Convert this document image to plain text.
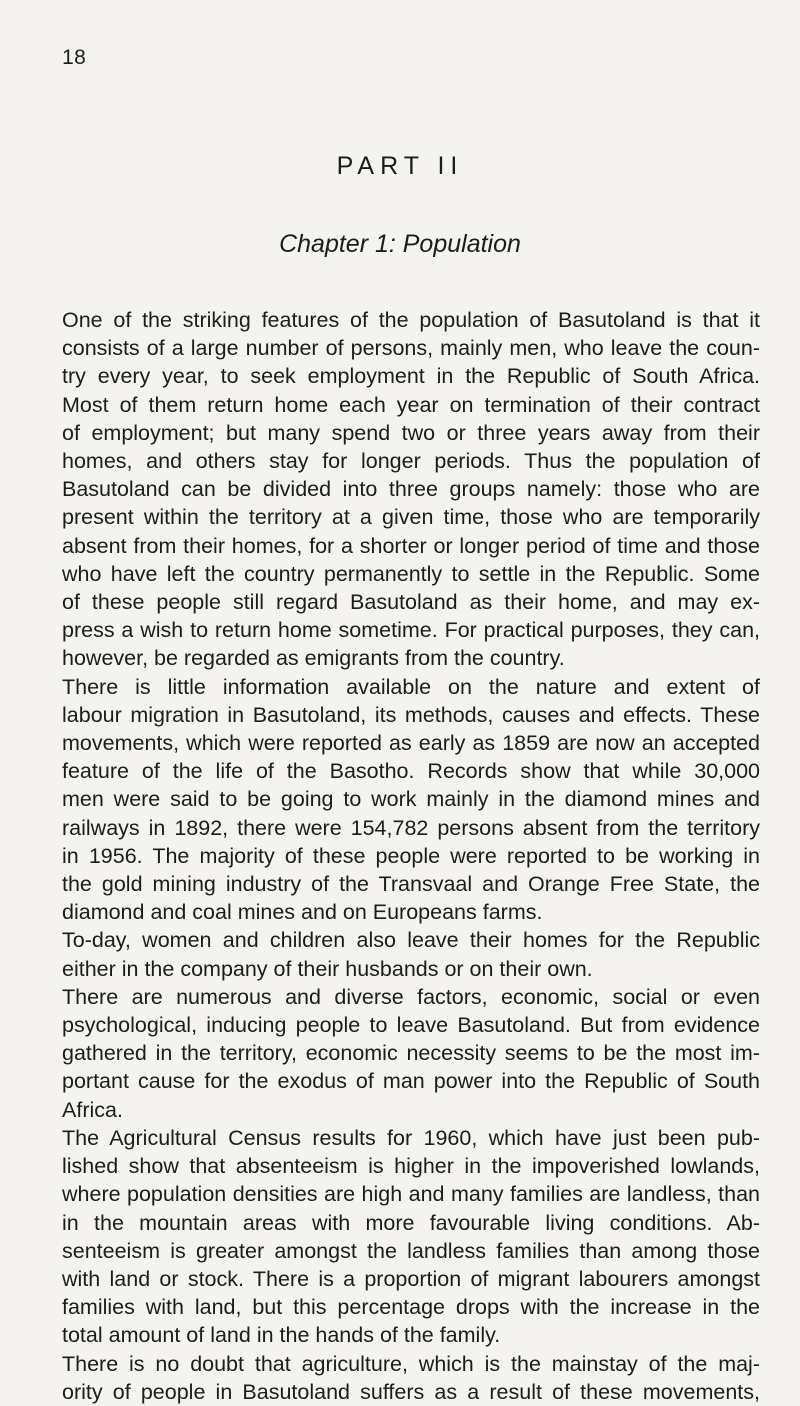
18
PART II
Chapter 1: Population
One of the striking features of the population of Basutoland is that it
consists of a large number of persons, mainly men, who leave the coun-
try every year, to seek employment in the Republic of South Africa.
Most of them return home each year on termination of their contract
of employment; but many spend two or three years away from their
homes, and others stay for longer periods. Thus the population of
Basutoland can be divided into three groups namely: those who are
present within the territory at a given time, those who are temporarily
absent from their homes, for a shorter or longer period of time and those
who have left the country permanently to settle in the Republic. Some
of these people still regard Basutoland as their home, and may ex-
press a wish to return home sometime. For practical purposes, they can,
however, be regarded as emigrants from the country.
There is little information available on the nature and extent of
labour migration in Basutoland, its methods, causes and effects. These
movements, which were reported as early as 1859 are now an accepted
feature of the life of the Basotho. Records show that while 30,000
men were said to be going to work mainly in the diamond mines and
railways in 1892, there were 154,782 persons absent from the territory
in 1956. The majority of these people were reported to be working in
the gold mining industry of the Transvaal and Orange Free State, the
diamond and coal mines and on Europeans farms.
To-day, women and children also leave their homes for the Republic
either in the company of their husbands or on their own.
There are numerous and diverse factors, economic, social or even
psychological, inducing people to leave Basutoland. But from evidence
gathered in the territory, economic necessity seems to be the most im-
portant cause for the exodus of man power into the Republic of South
Africa.
The Agricultural Census results for 1960, which have just been pub-
lished show that absenteeism is higher in the impoverished lowlands,
where population densities are high and many families are landless, than
in the mountain areas with more favourable living conditions. Ab-
senteeism is greater amongst the landless families than among those
with land or stock. There is a proportion of migrant labourers amongst
families with land, but this percentage drops with the increase in the
total amount of land in the hands of the family.
There is no doubt that agriculture, which is the mainstay of the maj-
ority of people in Basutoland suffers as a result of these movements,
